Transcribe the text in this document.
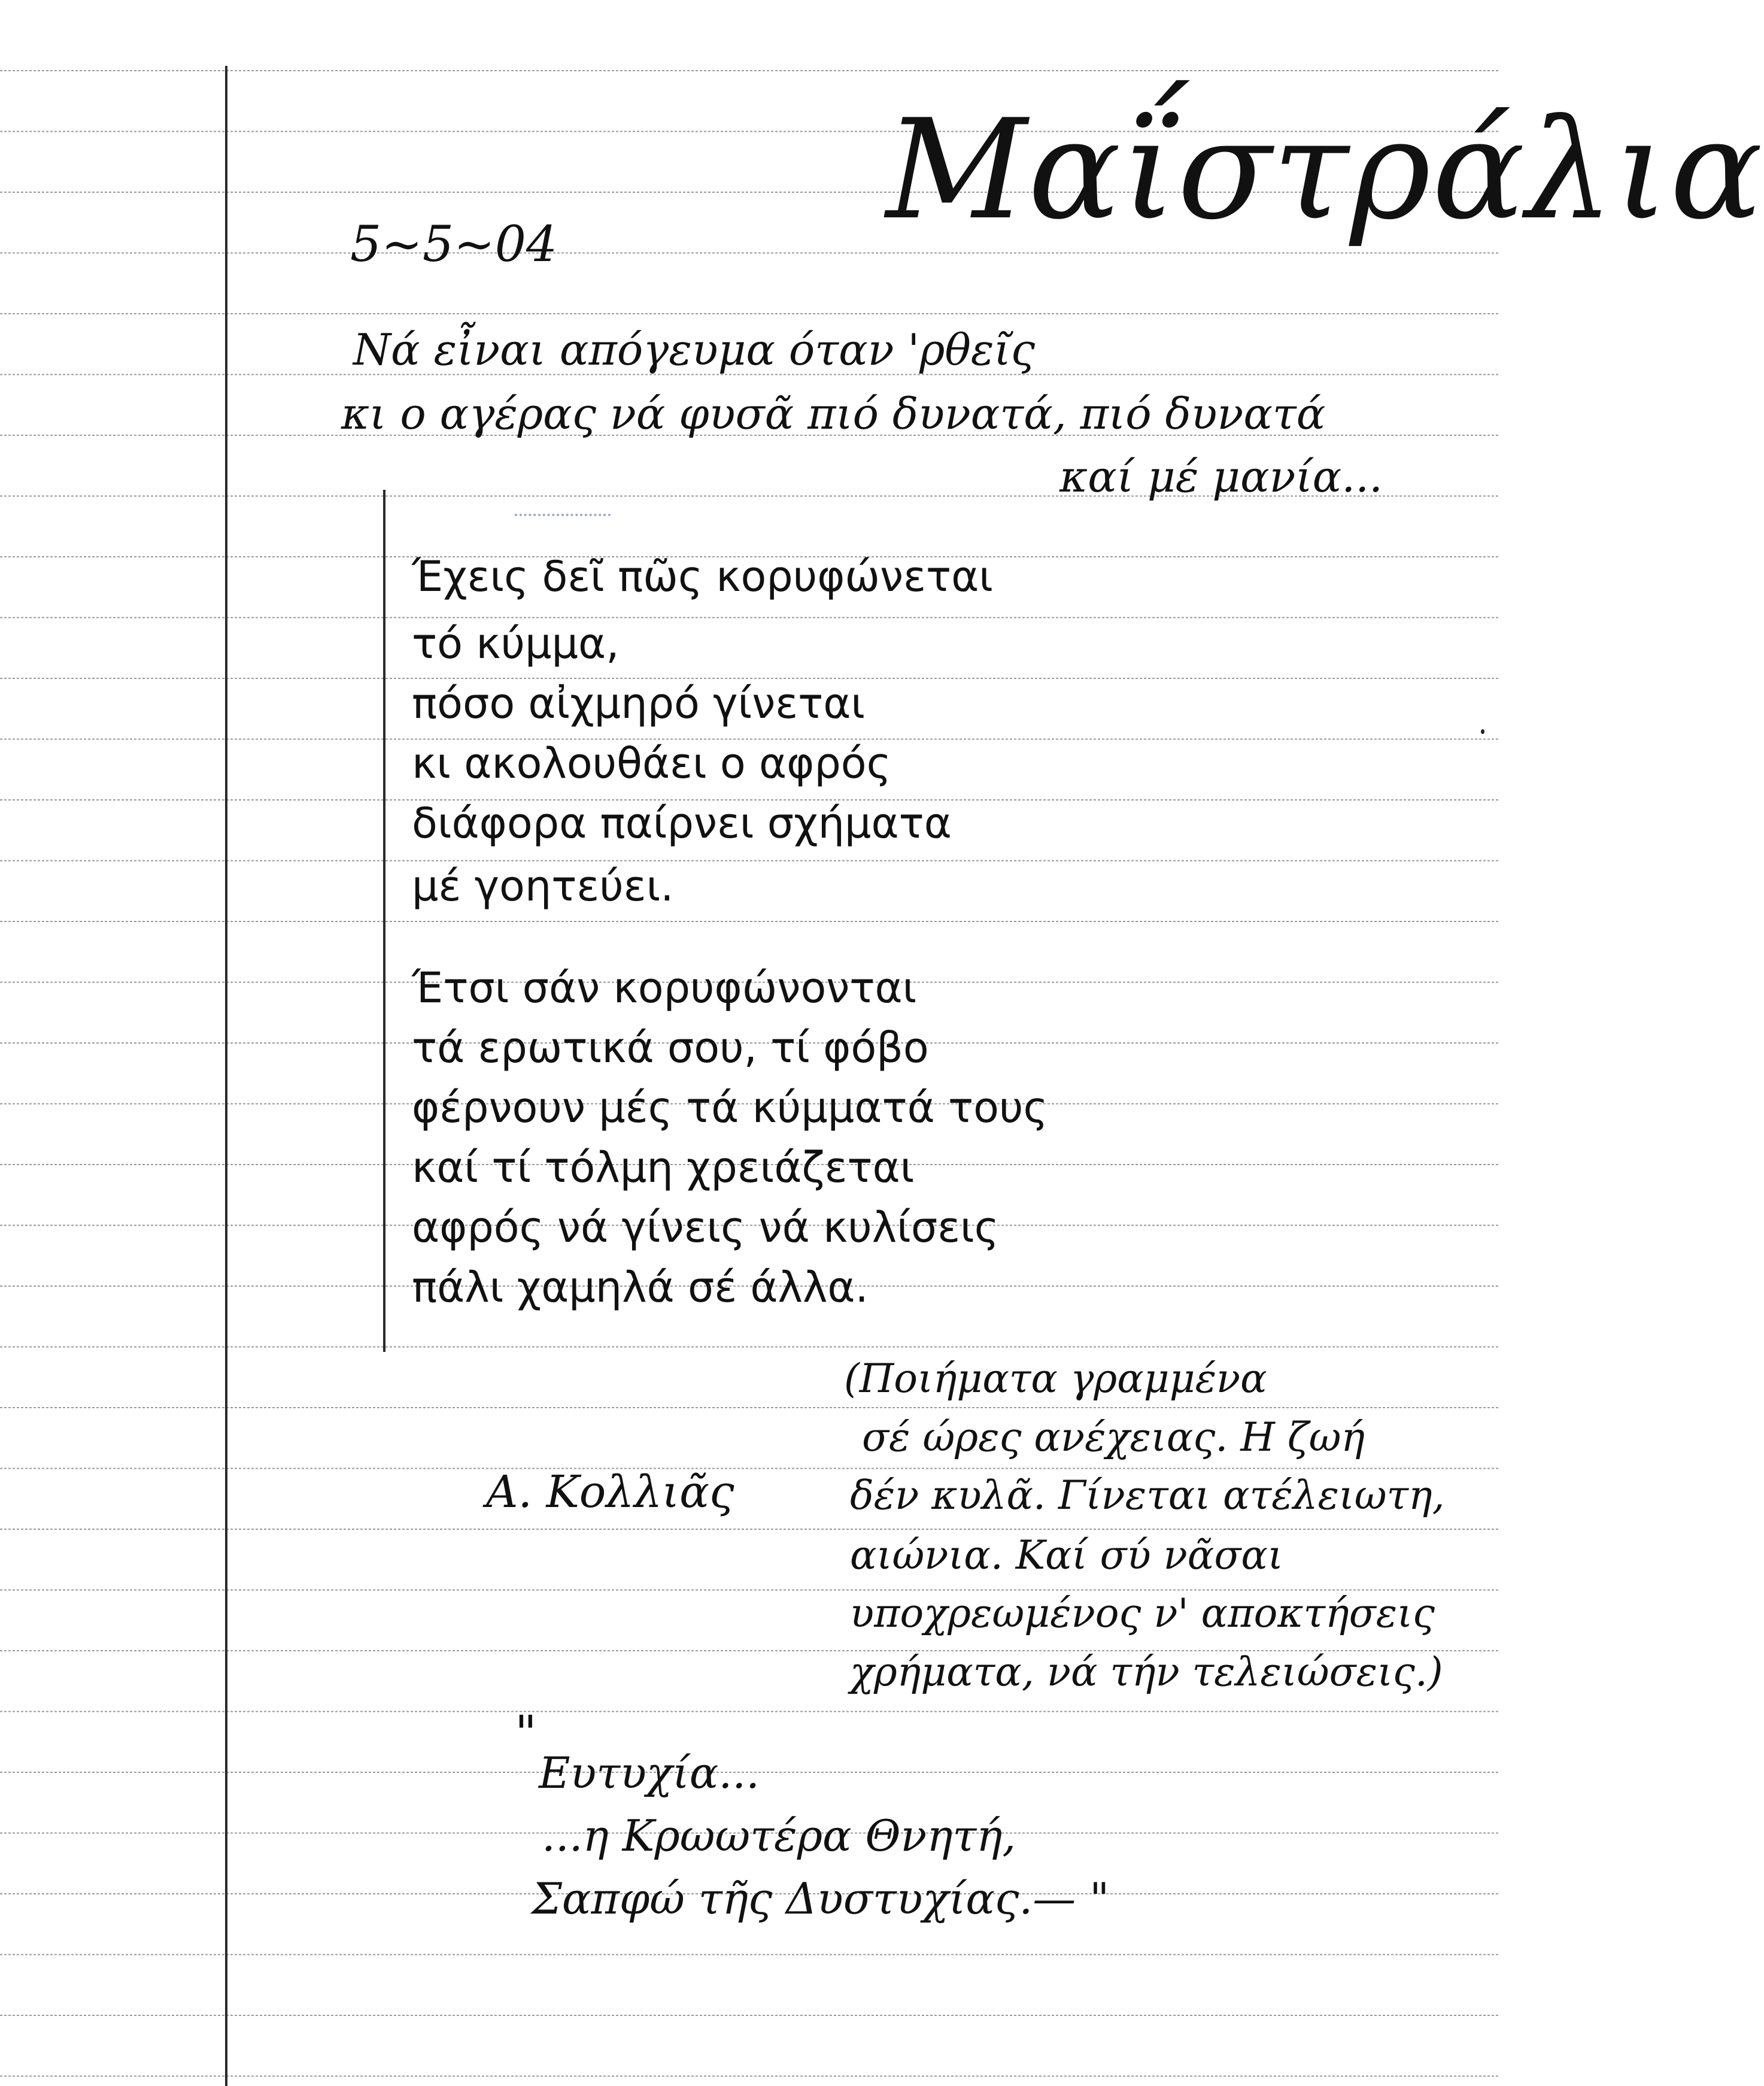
5~5~04 Μαΐστράλια
Νά εἶναι απόγευμα όταν 'ρθεῖς
κι ο αγέρας νά φυσᾶ πιό δυνατά, πιό δυνατά
καί μέ μανία...
Έχεις δεῖ πῶς κορυφώνεται
τό κύμμα,
πόσο αἰχμηρό γίνεται
κι ακολουθάει ο αφρός
διάφορα παίρνει σχήματα
μέ γοητεύει.
Έτσι σάν κορυφώνονται
τά ερωτικά σου, τί φόβο
φέρνουν μές τά κύμματά τους
καί τί τόλμη χρειάζεται
αφρός νά γίνεις νά κυλίσεις
πάλι χαμηλά σέ άλλα.
Α. Κολλιᾶς
(Ποιήματα γραμμένα
σέ ώρες ανέχειας. Η ζωή
δέν κυλᾶ. Γίνεται ατέλειωτη,
αιώνια. Καί σύ νᾶσαι
υποχρεωμένος ν' αποκτήσεις
χρήματα, νά τήν τελειώσεις.)
"
Ευτυχία...
...η Κρωωτέρα Θνητή,
Σαπφώ τῆς Δυστυχίας.— "
